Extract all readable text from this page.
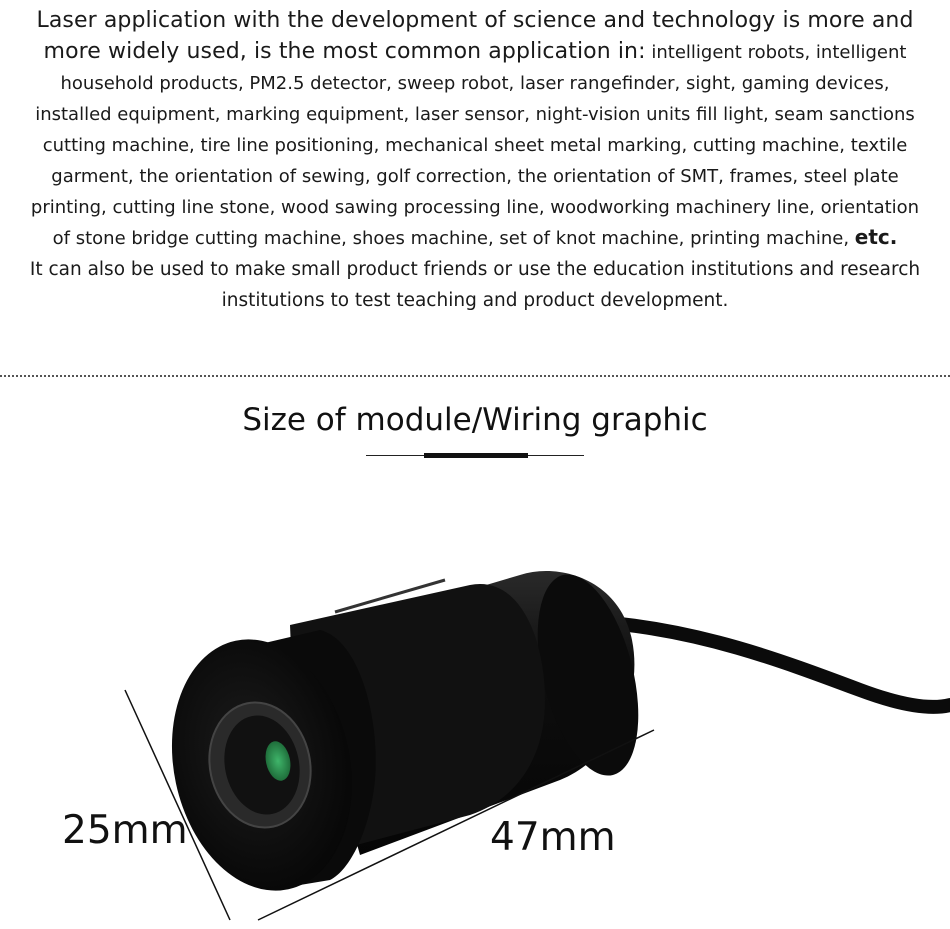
Laser application with the development of science and technology is more and more widely used, is the most common application in: intelligent robots, intelligent household products, PM2.5 detector, sweep robot, laser rangefinder, sight, gaming devices, installed equipment, marking equipment, laser sensor, night-vision units fill light, seam sanctions cutting machine, tire line positioning, mechanical sheet metal marking, cutting machine, textile garment, the orientation of sewing, golf correction, the orientation of SMT, frames, steel plate printing, cutting line stone, wood sawing processing line, woodworking machinery line, orientation of stone bridge cutting machine, shoes machine, set of knot machine, printing machine, etc.
It can also be used to make small product friends or use the education institutions and research institutions to test teaching and product development.
Size of module/Wiring graphic
25mm	47mm
